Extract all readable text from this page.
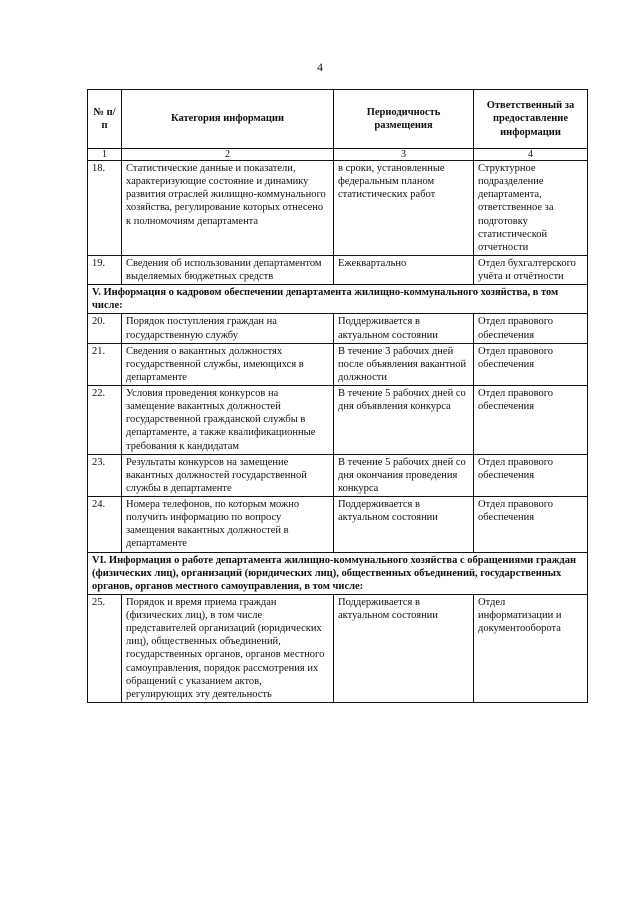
4
№ п/п	Категория информации	Периодичность размещения	Ответственный за предоставление информации
1	2	3	4
18.	Статистические данные и показатели, характеризующие состояние и динамику развития отраслей жилищно-коммунального хозяйства, регулирование которых отнесено к полномочиям департамента	в сроки, установленные федеральным планом статистических работ	Структурное подразделение департамента, ответственное за подготовку статистической отчетности
19.	Сведения об использовании департаментом выделяемых бюджетных средств	Ежеквартально	Отдел бухгалтерского учёта и отчётности
V. Информация о кадровом обеспечении департамента жилищно-коммунального хозяйства, в том числе:			
20.	Порядок поступления граждан на государственную службу	Поддерживается в актуальном состоянии	Отдел правового обеспечения
21.	Сведения о вакантных должностях государственной службы, имеющихся в департаменте	В течение 3 рабочих дней после объявления вакантной должности	Отдел правового обеспечения
22.	Условия проведения конкурсов на замещение вакантных должностей государственной гражданской службы в департаменте, а также квалификационные требования к кандидатам	В течение 5 рабочих дней со дня объявления конкурса	Отдел правового обеспечения
23.	Результаты конкурсов на замещение вакантных должностей государственной службы в департаменте	В течение 5 рабочих дней со дня окончания проведения конкурса	Отдел правового обеспечения
24.	Номера телефонов, по которым можно получить информацию по вопросу замещения вакантных должностей в департаменте	Поддерживается в актуальном состоянии	Отдел правового обеспечения
VI. Информация о работе департамента жилищно-коммунального хозяйства с обращениями граждан (физических лиц), организаций (юридических лиц), общественных объединений, государственных органов, органов местного самоуправления, в том числе:			
25.	Порядок и время приема граждан (физических лиц), в том числе представителей организаций (юридических лиц), общественных объединений, государственных органов, органов местного самоуправления, порядок рассмотрения их обращений с указанием актов, регулирующих эту деятельность	Поддерживается в актуальном состоянии	Отдел информатизации и документооборота
